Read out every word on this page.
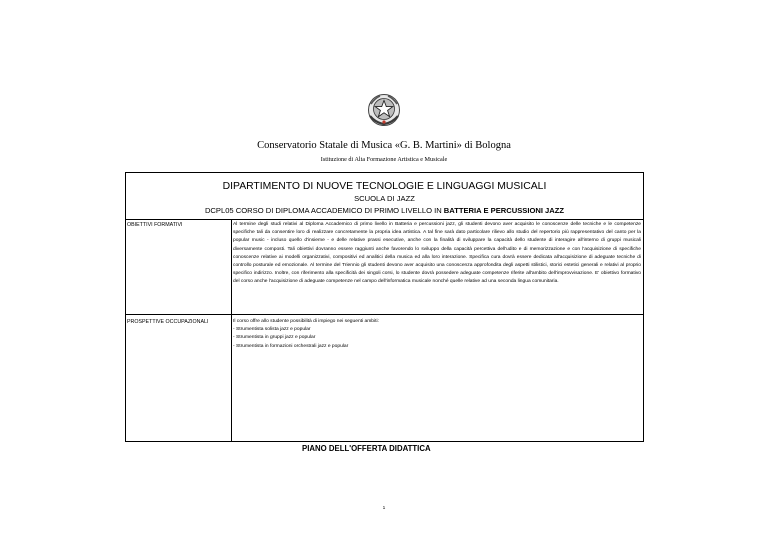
Conservatorio Statale di Musica «G. B. Martini» di Bologna
Istituzione di Alta Formazione Artistica e Musicale
DIPARTIMENTO DI NUOVE TECNOLOGIE E LINGUAGGI MUSICALI
SCUOLA DI JAZZ
DCPL05 CORSO DI DIPLOMA ACCADEMICO DI PRIMO LIVELLO IN BATTERIA E PERCUSSIONI JAZZ
OBIETTIVI FORMATIVI	Al termine degli studi relativi al Diploma Accademico di primo livello in Batteria e percussioni jazz, gli studenti devono aver acquisito le conoscenze delle tecniche e le competenze specifiche tali da consentire loro di realizzare concretamente la propria idea artistica. A tal fine sarà dato particolare rilievo allo studio del repertorio più rappresentativo del canto per la popular music - incluso quello d'insieme - e delle relative prassi esecutive, anche con la finalità di sviluppare la capacità dello studente di interagire all'interno di gruppi musicali diversamente composti. Tali obiettivi dovranno essere raggiunti anche favorendo lo sviluppo della capacità percettiva dell'udito e di memorizzazione e con l'acquisizione di specifiche conoscenze relative ai modelli organizzativi, compositivi ed analitici della musica ed alla loro interazione. Specifica cura dovrà essere dedicata all'acquisizione di adeguate tecniche di controllo posturale ed emozionale. Al termine del Triennio gli studenti devono aver acquisito una conoscenza approfondita degli aspetti stilistici, storici estetici generali e relativi al proprio specifico indirizzo. Inoltre, con riferimento alla specificità dei singoli corsi, lo studente dovrà possedere adeguate competenze riferite all'ambito dell'improvvisazione. E' obiettivo formativo del corso anche l'acquisizione di adeguate competenze nel campo dell'informatica musicale nonché quelle relative ad una seconda lingua comunitaria.
PROSPETTIVE OCCUPAZIONALI	Il corso offre allo studente possibilità di impiego nei seguenti ambiti:
- Strumentista solista jazz e popular
- Strumentista in gruppi jazz e popular
- Strumentista in formazioni orchestrali jazz e popular
PIANO DELL'OFFERTA DIDATTICA
1
